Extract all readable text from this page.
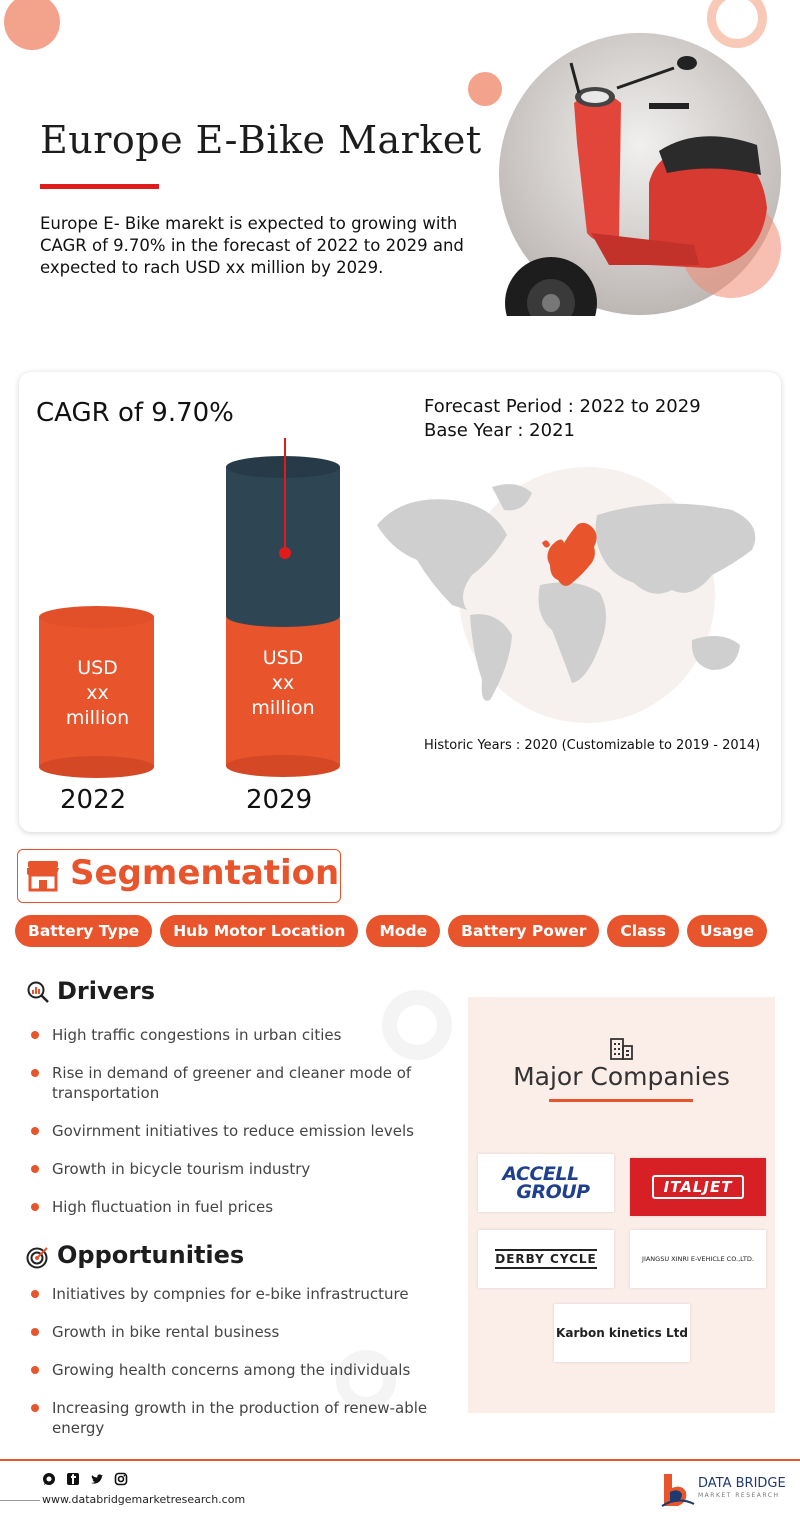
Europe E-Bike Market
Europe E- Bike marekt is expected to growing with CAGR of 9.70% in the forecast of 2022 to 2029 and expected to rach USD xx million by 2029.
CAGR of 9.70%	Forecast Period : 2022 to 2029
Base Year : 2021
USD
xx
million
USD
xx
million
2022	2029
Historic Years : 2020 (Customizable to 2019 - 2014)
Segmentation
Battery Type	Hub Motor Location	Mode	Battery Power	Class	Usage
Drivers
High traffic congestions in urban cities
Rise in demand of greener and cleaner mode of transportation
Govirnment initiatives to reduce emission levels
Growth in bicycle tourism industry
High fluctuation in fuel prices
Opportunities
Initiatives by compnies for e-bike infrastructure
Growth in bike rental business
Growing health concerns among the individuals
Increasing growth in the production of renew-able energy
Major Companies
ACCELL
GROUP	ITALJET
DERBY CYCLE	JIANGSU XINRI E-VEHICLE CO.,LTD.
Karbon kinetics Ltd
www.databridgemarketresearch.com
DATA BRIDGE
MARKET RESEARCH
